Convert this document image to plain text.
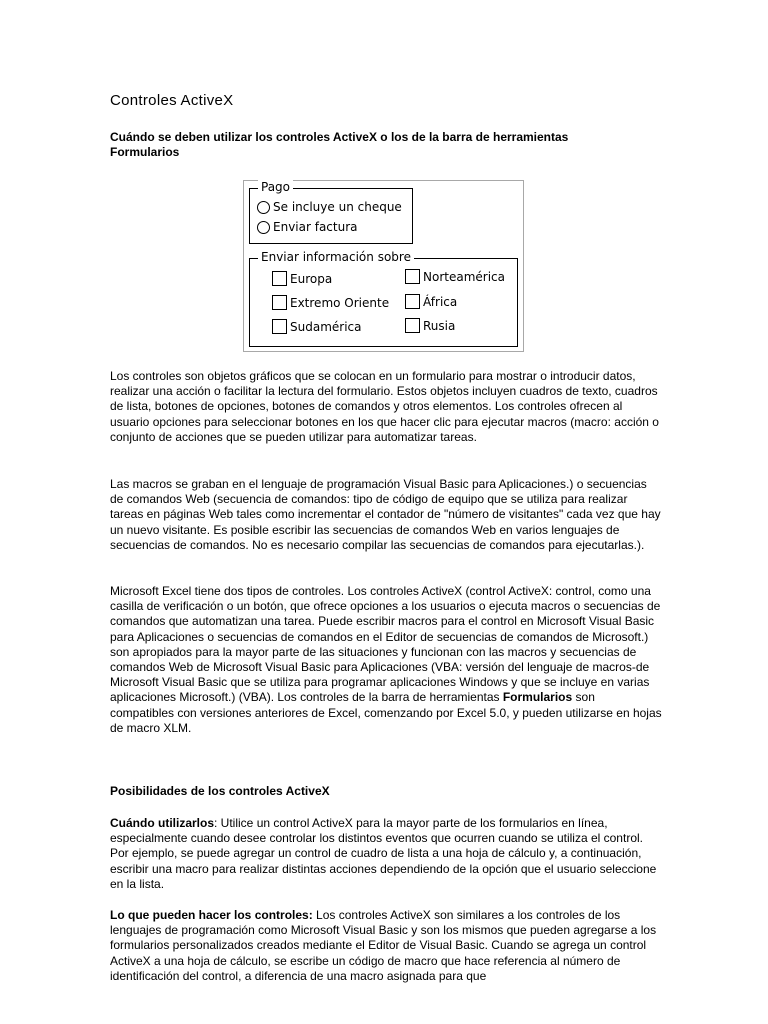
Controles ActiveX
Cuándo se deben utilizar los controles ActiveX o los de la barra de herramientas Formularios
Pago
Se incluye un cheque
Enviar factura
Enviar información sobre
Europa
Extremo Oriente
Sudamérica
Norteamérica
África
Rusia

Los controles son objetos gráficos que se colocan en un formulario para mostrar o introducir datos, realizar una acción o facilitar la lectura del formulario. Estos objetos incluyen cuadros de texto, cuadros de lista, botones de opciones, botones de comandos y otros elementos. Los controles ofrecen al usuario opciones para seleccionar botones en los que hacer clic para ejecutar macros (macro: acción o conjunto de acciones que se pueden utilizar para automatizar tareas.

Las macros se graban en el lenguaje de programación Visual Basic para Aplicaciones.) o secuencias de comandos Web (secuencia de comandos: tipo de código de equipo que se utiliza para realizar tareas en páginas Web tales como incrementar el contador de "número de visitantes" cada vez que hay un nuevo visitante. Es posible escribir las secuencias de comandos Web en varios lenguajes de secuencias de comandos. No es necesario compilar las secuencias de comandos para ejecutarlas.).

Microsoft Excel tiene dos tipos de controles. Los controles ActiveX (control ActiveX: control, como una casilla de verificación o un botón, que ofrece opciones a los usuarios o ejecuta macros o secuencias de comandos que automatizan una tarea. Puede escribir macros para el control en Microsoft Visual Basic para Aplicaciones o secuencias de comandos en el Editor de secuencias de comandos de Microsoft.) son apropiados para la mayor parte de las situaciones y funcionan con las macros y secuencias de comandos Web de Microsoft Visual Basic para Aplicaciones (VBA: versión del lenguaje de macros-de Microsoft Visual Basic que se utiliza para programar aplicaciones Windows y que se incluye en varias aplicaciones Microsoft.) (VBA). Los controles de la barra de herramientas Formularios son compatibles con versiones anteriores de Excel, comenzando por Excel 5.0, y pueden utilizarse en hojas de macro XLM.

Posibilidades de los controles ActiveX

Cuándo utilizarlos: Utilice un control ActiveX para la mayor parte de los formularios en línea, especialmente cuando desee controlar los distintos eventos que ocurren cuando se utiliza el control. Por ejemplo, se puede agregar un control de cuadro de lista a una hoja de cálculo y, a continuación, escribir una macro para realizar distintas acciones dependiendo de la opción que el usuario seleccione en la lista.

Lo que pueden hacer los controles: Los controles ActiveX son similares a los controles de los lenguajes de programación como Microsoft Visual Basic y son los mismos que pueden agregarse a los formularios personalizados creados mediante el Editor de Visual Basic. Cuando se agrega un control ActiveX a una hoja de cálculo, se escribe un código de macro que hace referencia al número de identificación del control, a diferencia de una macro asignada para que
